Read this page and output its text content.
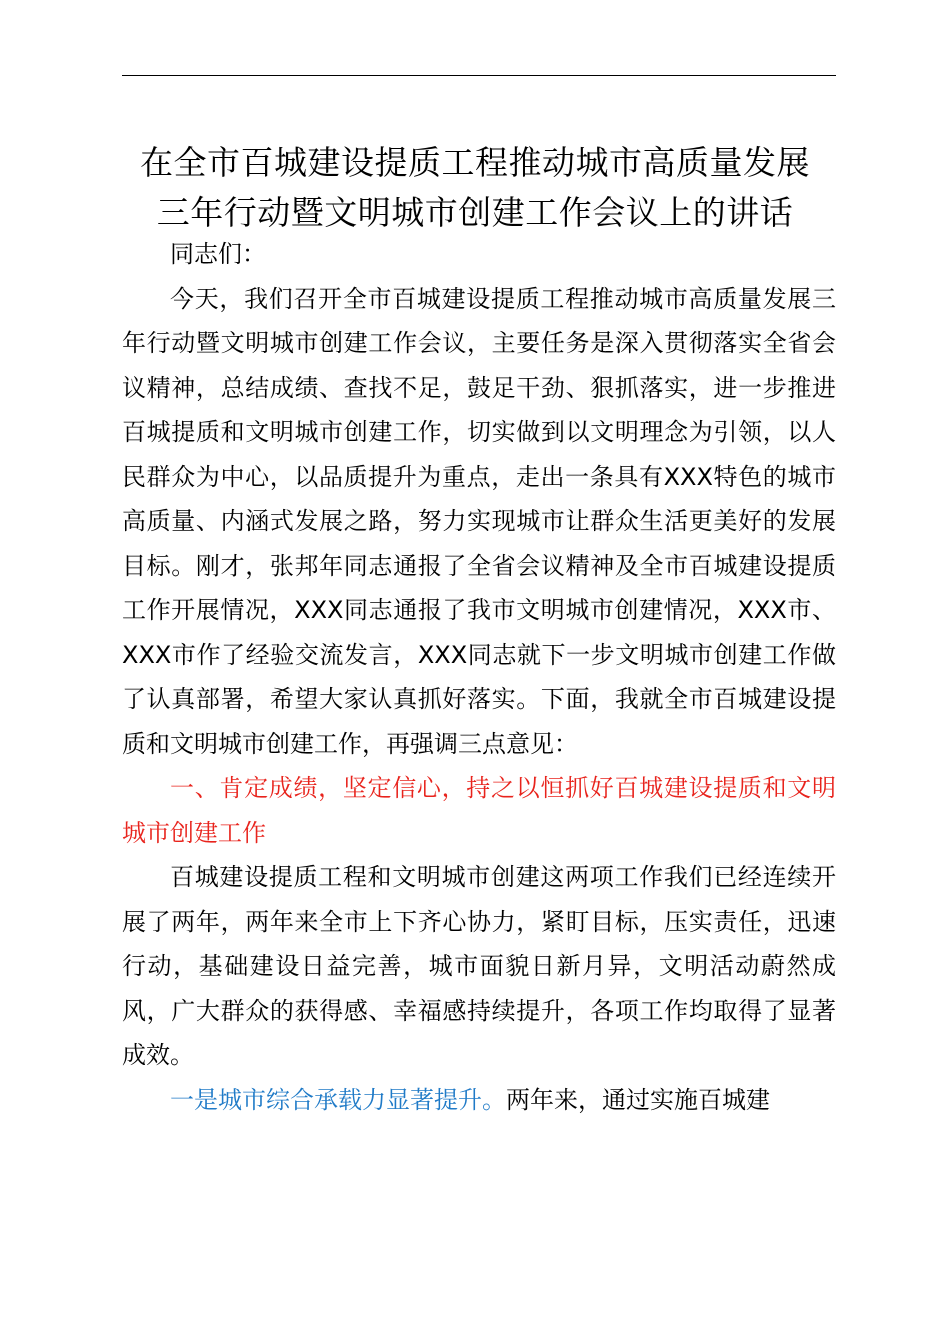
在全市百城建设提质工程推动城市高质量发展
三年行动暨文明城市创建工作会议上的讲话

同志们：

今天，我们召开全市百城建设提质工程推动城市高质量发展三年行动暨文明城市创建工作会议，主要任务是深入贯彻落实全省会议精神，总结成绩、查找不足，鼓足干劲、狠抓落实，进一步推进百城提质和文明城市创建工作，切实做到以文明理念为引领，以人民群众为中心，以品质提升为重点，走出一条具有XXX特色的城市高质量、内涵式发展之路，努力实现城市让群众生活更美好的发展目标。刚才，张邦年同志通报了全省会议精神及全市百城建设提质工作开展情况，XXX同志通报了我市文明城市创建情况，XXX市、XXX市作了经验交流发言，XXX同志就下一步文明城市创建工作做了认真部署，希望大家认真抓好落实。下面，我就全市百城建设提质和文明城市创建工作，再强调三点意见：

一、肯定成绩，坚定信心，持之以恒抓好百城建设提质和文明城市创建工作

百城建设提质工程和文明城市创建这两项工作我们已经连续开展了两年，两年来全市上下齐心协力，紧盯目标，压实责任，迅速行动，基础建设日益完善，城市面貌日新月异，文明活动蔚然成风，广大群众的获得感、幸福感持续提升，各项工作均取得了显著成效。

一是城市综合承载力显著提升。两年来，通过实施百城建
